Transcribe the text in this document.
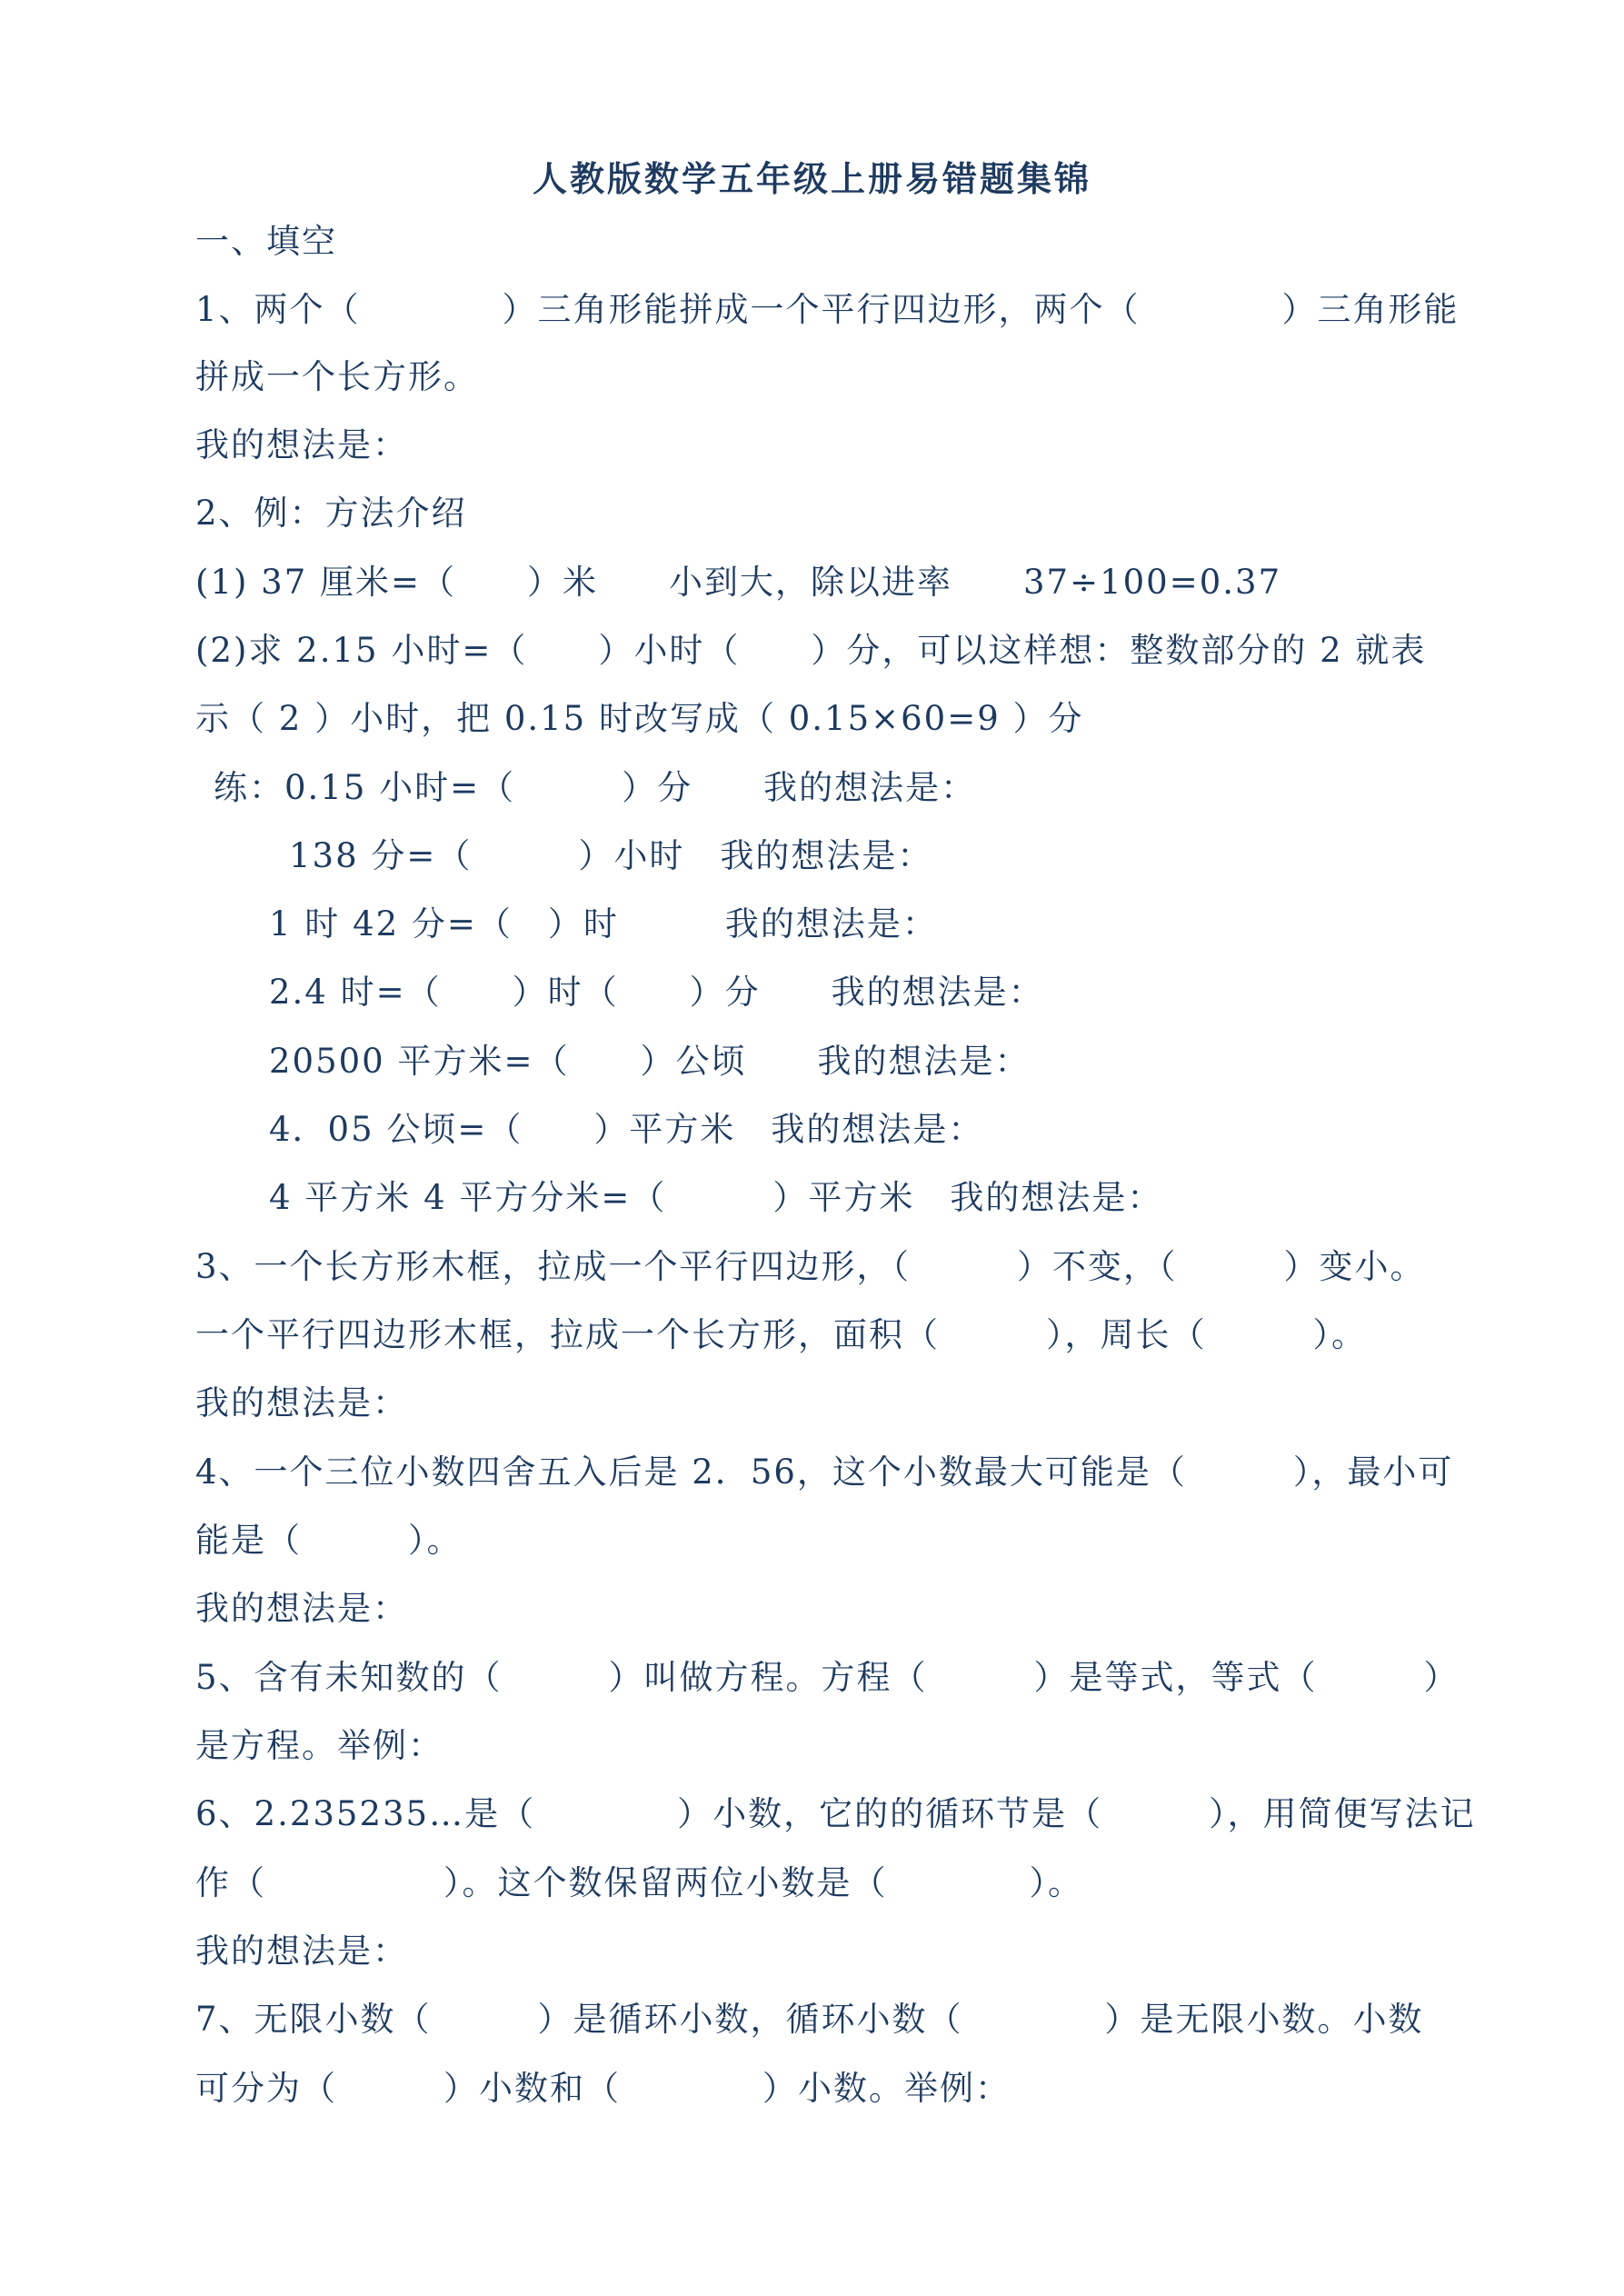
人教版数学五年级上册易错题集锦
一、填空
1、两个（　　　　）三角形能拼成一个平行四边形，两个（　　　　）三角形能
拼成一个长方形。
我的想法是：
2、例：方法介绍
(1) 37 厘米=（　　）米　　小到大，除以进率　　37÷100=0.37
(2)求 2.15 小时=（　　）小时（　　）分，可以这样想：整数部分的 2 就表
示（ 2 ）小时，把 0.15 时改写成（ 0.15×60=9 ）分
练：0.15 小时=（　　　）分　　我的想法是：
138 分=（　　　）小时　我的想法是：
1 时 42 分=（　）时　　　我的想法是：
2.4 时=（　　）时（　　）分　　我的想法是：
20500 平方米=（　　）公顷　　我的想法是：
4．05 公顷=（　　）平方米　我的想法是：
4 平方米 4 平方分米=（　　　）平方米　我的想法是：
3、一个长方形木框，拉成一个平行四边形，（　　　）不变，（　　　）变小。
一个平行四边形木框，拉成一个长方形，面积（　　　），周长（　　　）。
我的想法是：
4、一个三位小数四舍五入后是 2．56，这个小数最大可能是（　　　），最小可
能是（　　　）。
我的想法是：
5、含有未知数的（　　　）叫做方程。方程（　　　）是等式，等式（　　　）
是方程。举例：
6、2.235235…是（　　　　）小数，它的的循环节是（　　　），用简便写法记
作（　　　　　）。这个数保留两位小数是（　　　　）。
我的想法是：
7、无限小数（　　　）是循环小数，循环小数（　　　　）是无限小数。小数
可分为（　　　）小数和（　　　　）小数。举例：
